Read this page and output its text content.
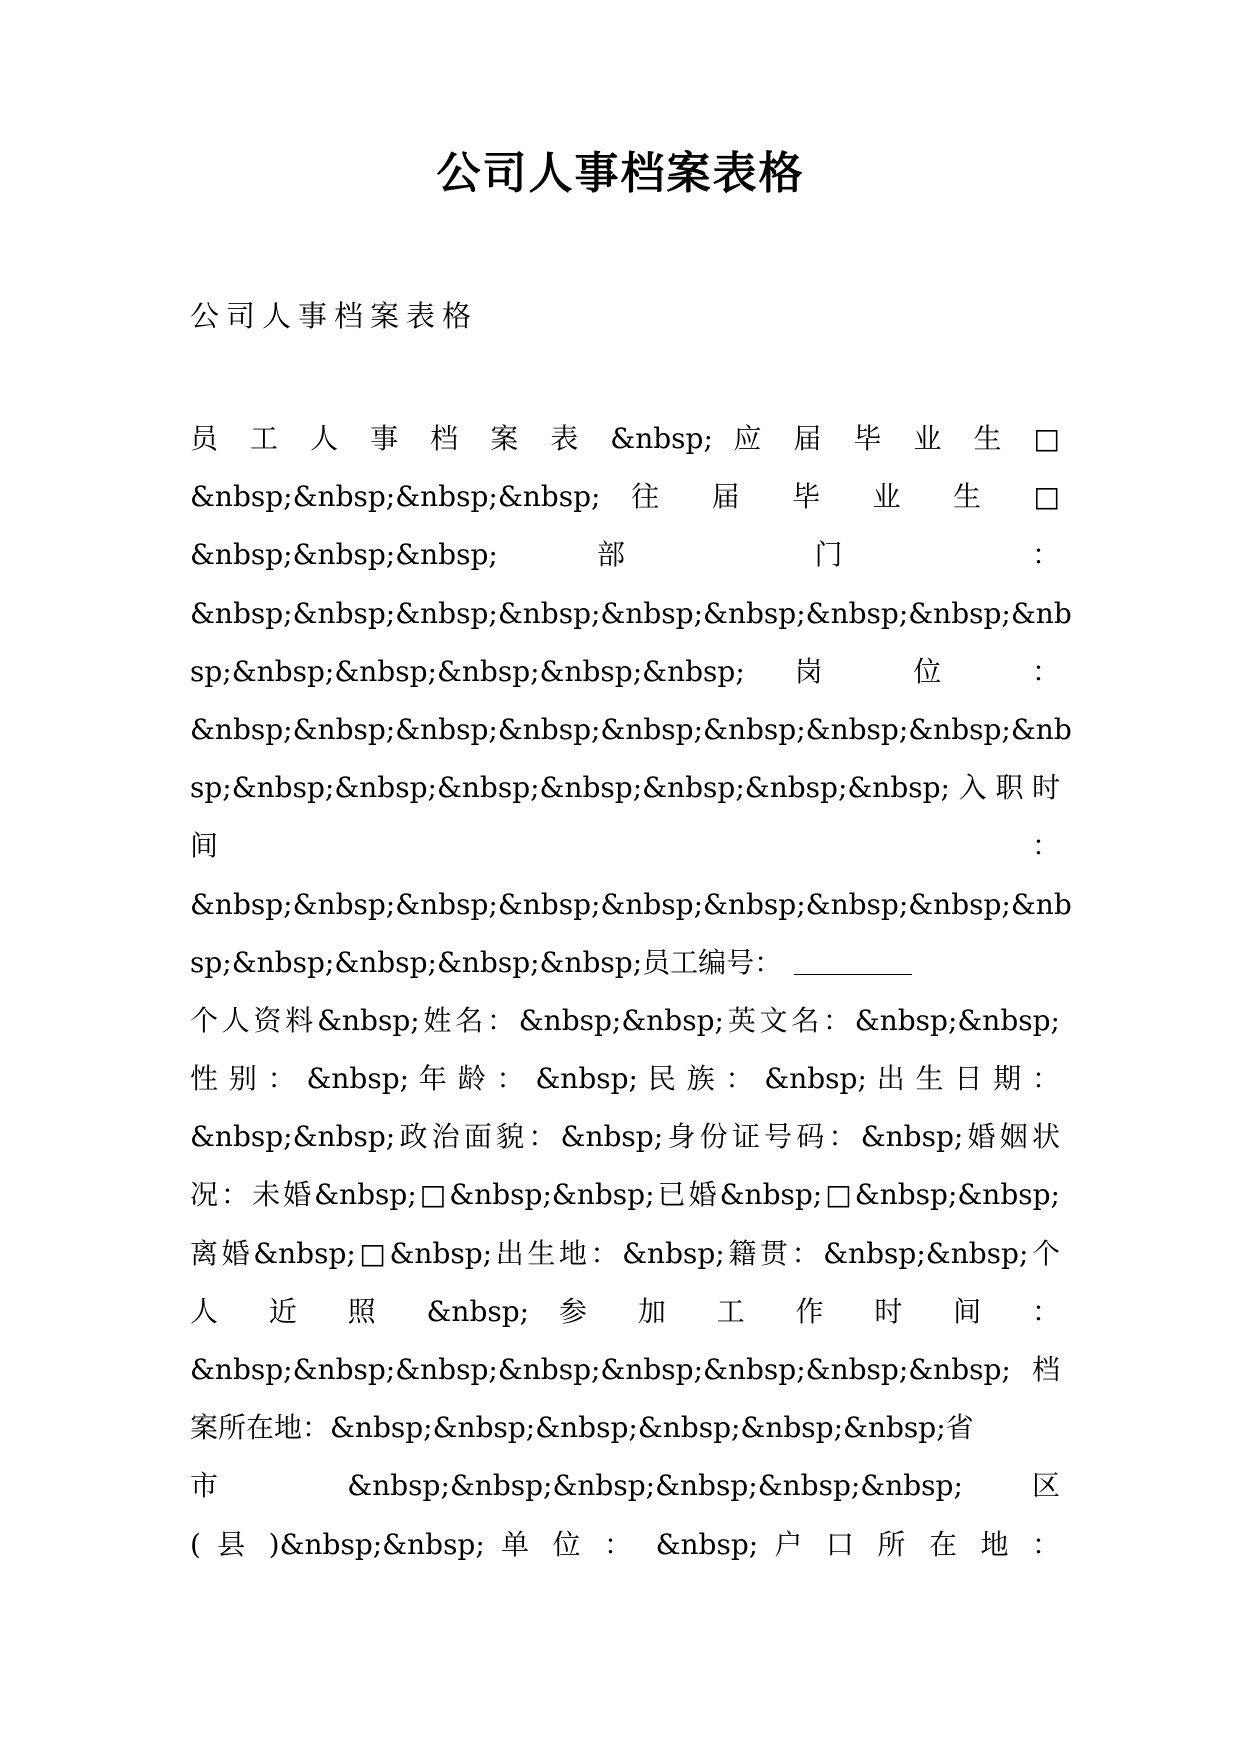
公司人事档案表格
公司人事档案表格
员 工 人 事 档 案 表 &nbsp; 应 届 毕 业 生 □
&nbsp;&nbsp;&nbsp;&nbsp; 往 届 毕 业 生 □
&nbsp;&nbsp;&nbsp; 部 门 ：
&nbsp;&nbsp;&nbsp;&nbsp;&nbsp;&nbsp;&nbsp;&nbsp;&nb
sp;&nbsp;&nbsp;&nbsp;&nbsp;&nbsp; 岗 位 ：
&nbsp;&nbsp;&nbsp;&nbsp;&nbsp;&nbsp;&nbsp;&nbsp;&nb
sp;&nbsp;&nbsp;&nbsp;&nbsp;&nbsp;&nbsp;&nbsp;入职时
间 ：
&nbsp;&nbsp;&nbsp;&nbsp;&nbsp;&nbsp;&nbsp;&nbsp;&nb
sp;&nbsp;&nbsp;&nbsp;&nbsp;员工编号：
个人资料&nbsp;姓名：&nbsp;&nbsp;英文名：&nbsp;&nbsp;
性 别 ： &nbsp; 年 龄 ： &nbsp; 民 族 ： &nbsp; 出 生 日 期 ：
&nbsp;&nbsp;政治面貌：&nbsp;身份证号码：&nbsp;婚姻状
况：未婚&nbsp;□&nbsp;&nbsp;已婚&nbsp;□&nbsp;&nbsp;
离婚&nbsp;□&nbsp;出生地：&nbsp;籍贯：&nbsp;&nbsp;个
人 近 照 &nbsp; 参 加 工 作 时 间 ：
&nbsp;&nbsp;&nbsp;&nbsp;&nbsp;&nbsp;&nbsp;&nbsp; 档
案所在地：&nbsp;&nbsp;&nbsp;&nbsp;&nbsp;&nbsp;省
市 &nbsp;&nbsp;&nbsp;&nbsp;&nbsp;&nbsp; 区
( 县 )&nbsp;&nbsp; 单 位 ： &nbsp; 户 口 所 在 地 ：
